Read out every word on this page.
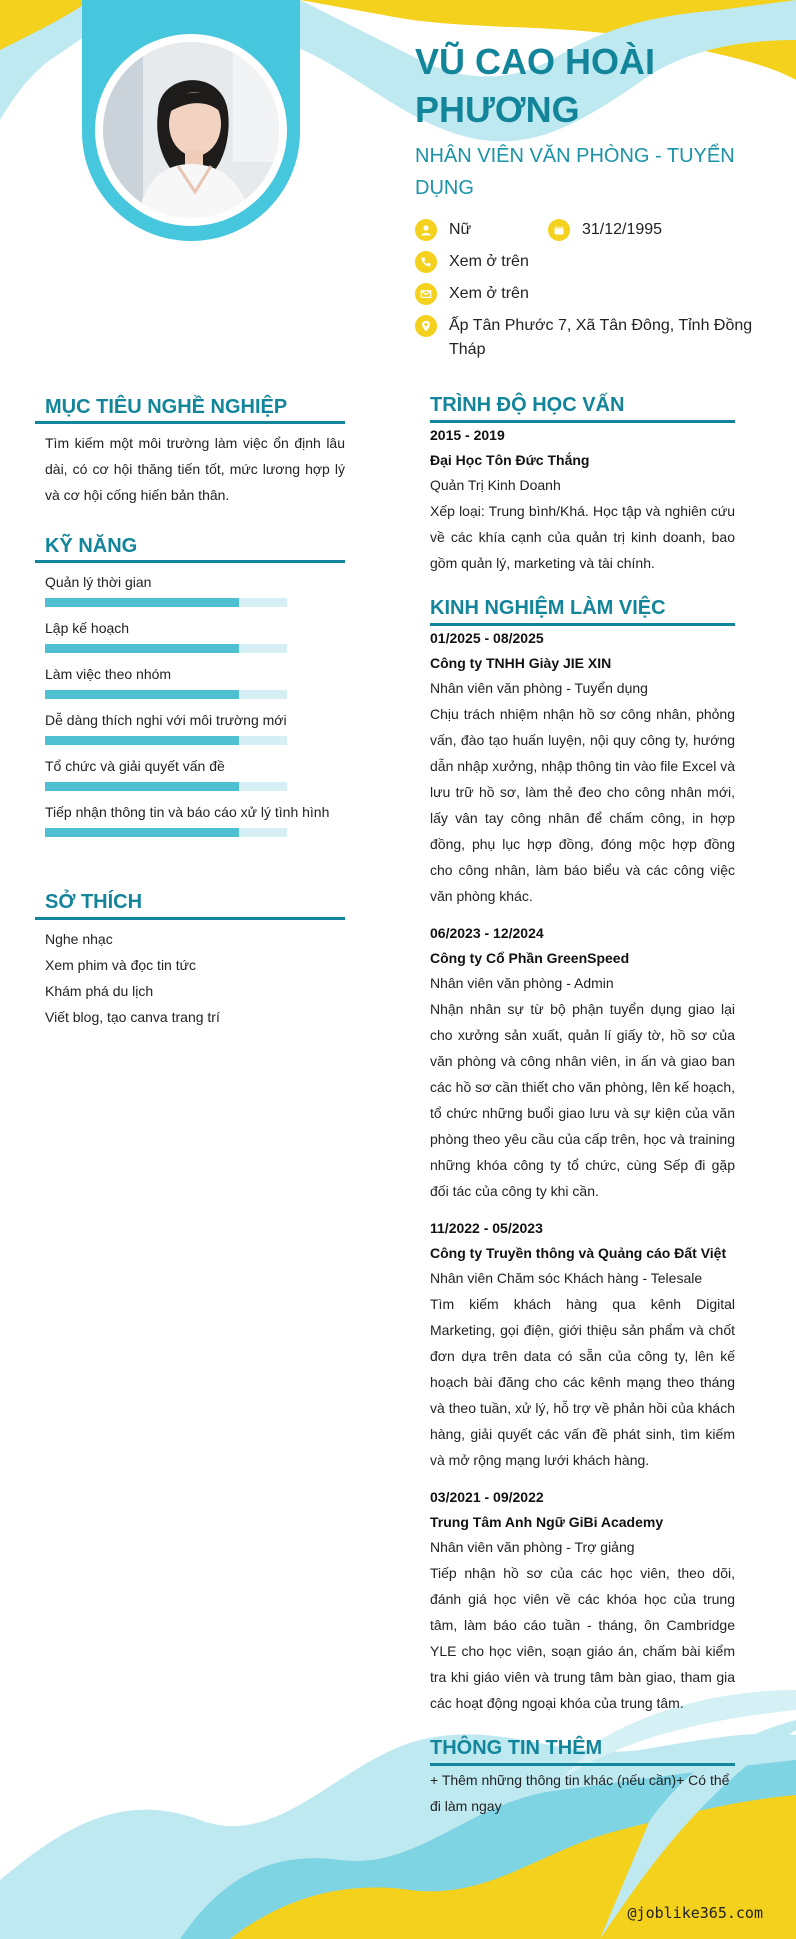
VŨ CAO HOÀI PHƯƠNG
NHÂN VIÊN VĂN PHÒNG - TUYỂN DỤNG
Nữ	31/12/1995
Xem ở trên
Xem ở trên
Ấp Tân Phước 7, Xã Tân Đông, Tỉnh Đồng Tháp
MỤC TIÊU NGHỀ NGHIỆP
Tìm kiếm một môi trường làm việc ổn định lâu dài, có cơ hội thăng tiến tốt, mức lương hợp lý và cơ hội cống hiến bản thân.
KỸ NĂNG
Quản lý thời gian
Lập kế hoạch
Làm việc theo nhóm
Dễ dàng thích nghi với môi trường mới
Tổ chức và giải quyết vấn đề
Tiếp nhận thông tin và báo cáo xử lý tình hình
SỞ THÍCH
Nghe nhạc
Xem phim và đọc tin tức
Khám phá du lịch
Viết blog, tạo canva trang trí
TRÌNH ĐỘ HỌC VẤN
2015 - 2019
Đại Học Tôn Đức Thắng
Quản Trị Kinh Doanh
Xếp loại: Trung bình/Khá. Học tập và nghiên cứu về các khía cạnh của quản trị kinh doanh, bao gồm quản lý, marketing và tài chính.
KINH NGHIỆM LÀM VIỆC
01/2025 - 08/2025
Công ty TNHH Giày JIE XIN
Nhân viên văn phòng - Tuyển dụng
Chịu trách nhiệm nhận hồ sơ công nhân, phỏng vấn, đào tạo huấn luyện, nội quy công ty, hướng dẫn nhập xưởng, nhập thông tin vào file Excel và lưu trữ hồ sơ, làm thẻ đeo cho công nhân mới, lấy vân tay công nhân để chấm công, in hợp đồng, phụ lục hợp đồng, đóng mộc hợp đồng cho công nhân, làm báo biểu và các công việc văn phòng khác.
06/2023 - 12/2024
Công ty Cổ Phần GreenSpeed
Nhân viên văn phòng - Admin
Nhận nhân sự từ bộ phận tuyển dụng giao lại cho xưởng sản xuất, quản lí giấy tờ, hồ sơ của văn phòng và công nhân viên, in ấn và giao ban các hồ sơ cần thiết cho văn phòng, lên kế hoạch, tổ chức những buổi giao lưu và sự kiện của văn phòng theo yêu cầu của cấp trên, học và training những khóa công ty tổ chức, cùng Sếp đi gặp đối tác của công ty khi cần.
11/2022 - 05/2023
Công ty Truyền thông và Quảng cáo Đất Việt
Nhân viên Chăm sóc Khách hàng - Telesale
Tìm kiếm khách hàng qua kênh Digital Marketing, gọi điện, giới thiệu sản phẩm và chốt đơn dựa trên data có sẵn của công ty, lên kế hoạch bài đăng cho các kênh mạng theo tháng và theo tuần, xử lý, hỗ trợ về phản hồi của khách hàng, giải quyết các vấn đề phát sinh, tìm kiếm và mở rộng mạng lưới khách hàng.
03/2021 - 09/2022
Trung Tâm Anh Ngữ GiBi Academy
Nhân viên văn phòng - Trợ giảng
Tiếp nhận hồ sơ của các học viên, theo dõi, đánh giá học viên về các khóa học của trung tâm, làm báo cáo tuần - tháng, ôn Cambridge YLE cho học viên, soạn giáo án, chấm bài kiểm tra khi giáo viên và trung tâm bàn giao, tham gia các hoạt động ngoại khóa của trung tâm.
THÔNG TIN THÊM
+ Thêm những thông tin khác (nếu cần)+ Có thể đi làm ngay
@joblike365.com
